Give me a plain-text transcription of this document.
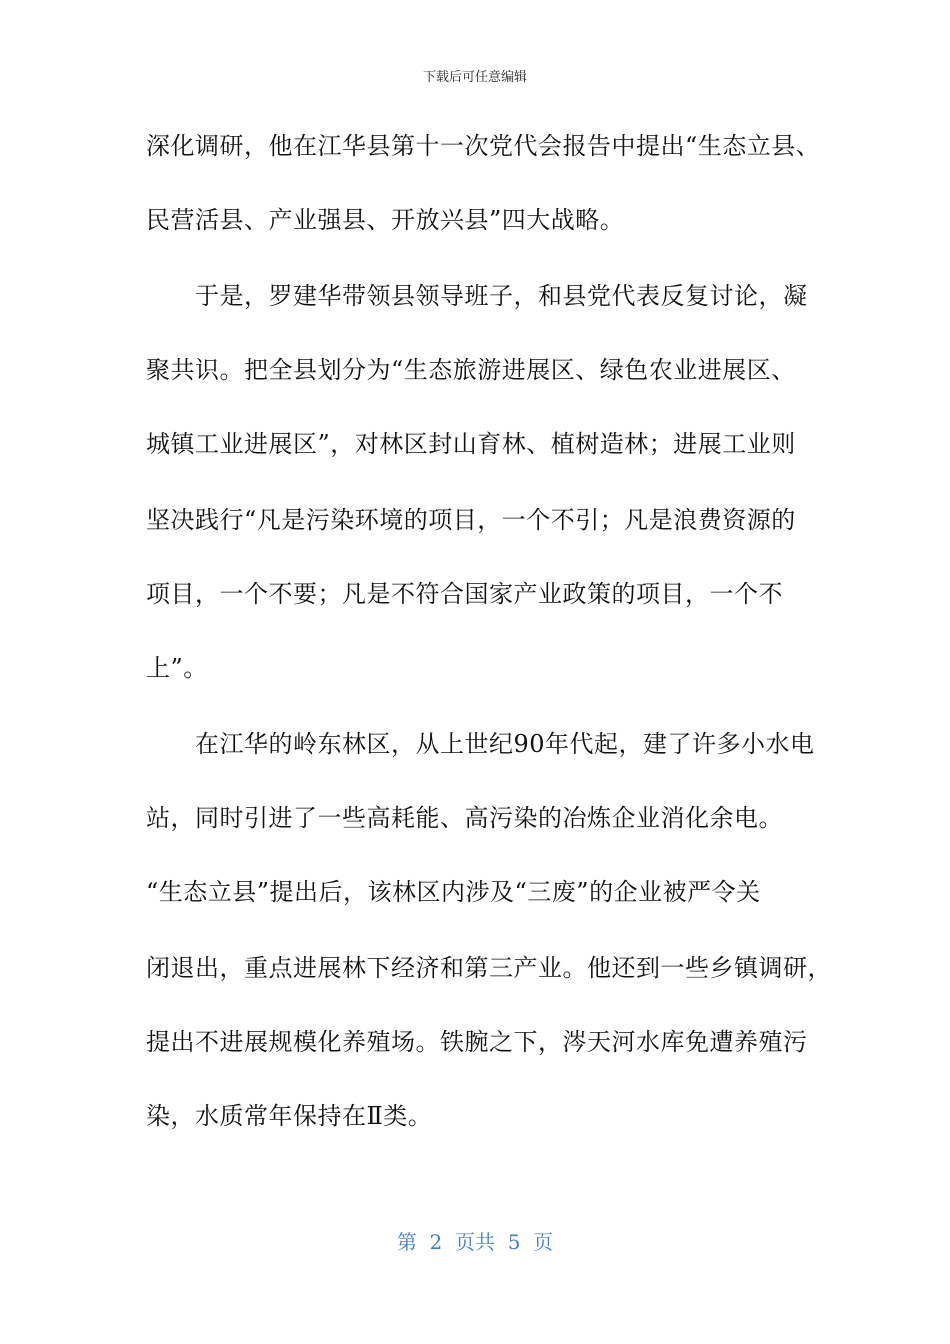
下载后可任意编辑
深化调研，他在江华县第十一次党代会报告中提出“生态立县、
民营活县、产业强县、开放兴县”四大战略。
　　于是，罗建华带领县领导班子，和县党代表反复讨论，凝
聚共识。把全县划分为“生态旅游进展区、绿色农业进展区、
城镇工业进展区”，对林区封山育林、植树造林；进展工业则
坚决践行“凡是污染环境的项目，一个不引；凡是浪费资源的
项目，一个不要；凡是不符合国家产业政策的项目，一个不
上”。
　　在江华的岭东林区，从上世纪90年代起，建了许多小水电
站，同时引进了一些高耗能、高污染的冶炼企业消化余电。
“生态立县”提出后，该林区内涉及“三废”的企业被严令关
闭退出，重点进展林下经济和第三产业。他还到一些乡镇调研，
提出不进展规模化养殖场。铁腕之下，涔天河水库免遭养殖污
染，水质常年保持在Ⅱ类。
第  2  页共  5  页
